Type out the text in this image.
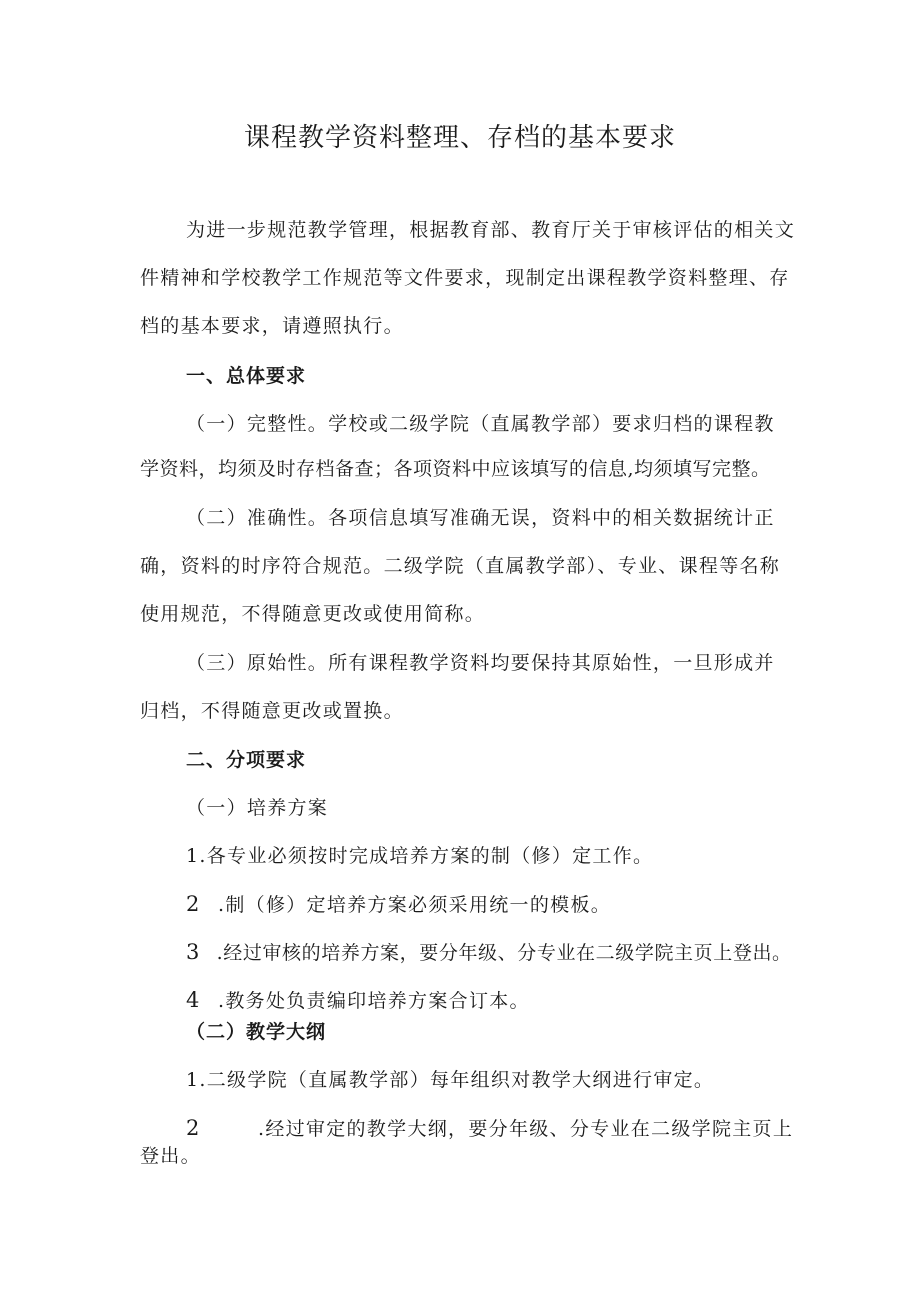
课程教学资料整理、存档的基本要求
为进一步规范教学管理，根据教育部、教育厅关于审核评估的相关文
件精神和学校教学工作规范等文件要求，现制定出课程教学资料整理、存
档的基本要求，请遵照执行。
一、总体要求
（一）完整性。学校或二级学院（直属教学部）要求归档的课程教
学资料，均须及时存档备查；各项资料中应该填写的信息,均须填写完整。
（二）准确性。各项信息填写准确无误，资料中的相关数据统计正
确，资料的时序符合规范。二级学院（直属教学部）、专业、课程等名称
使用规范，不得随意更改或使用简称。
（三）原始性。所有课程教学资料均要保持其原始性，一旦形成并
归档，不得随意更改或置换。
二、分项要求
（一）培养方案
1.各专业必须按时完成培养方案的制（修）定工作。
2 .制（修）定培养方案必须采用统一的模板。
3 .经过审核的培养方案，要分年级、分专业在二级学院主页上登出。
4 .教务处负责编印培养方案合订本。
（二）教学大纲
1.二级学院（直属教学部）每年组织对教学大纲进行审定。
2	.经过审定的教学大纲，要分年级、分专业在二级学院主页上
登出。
